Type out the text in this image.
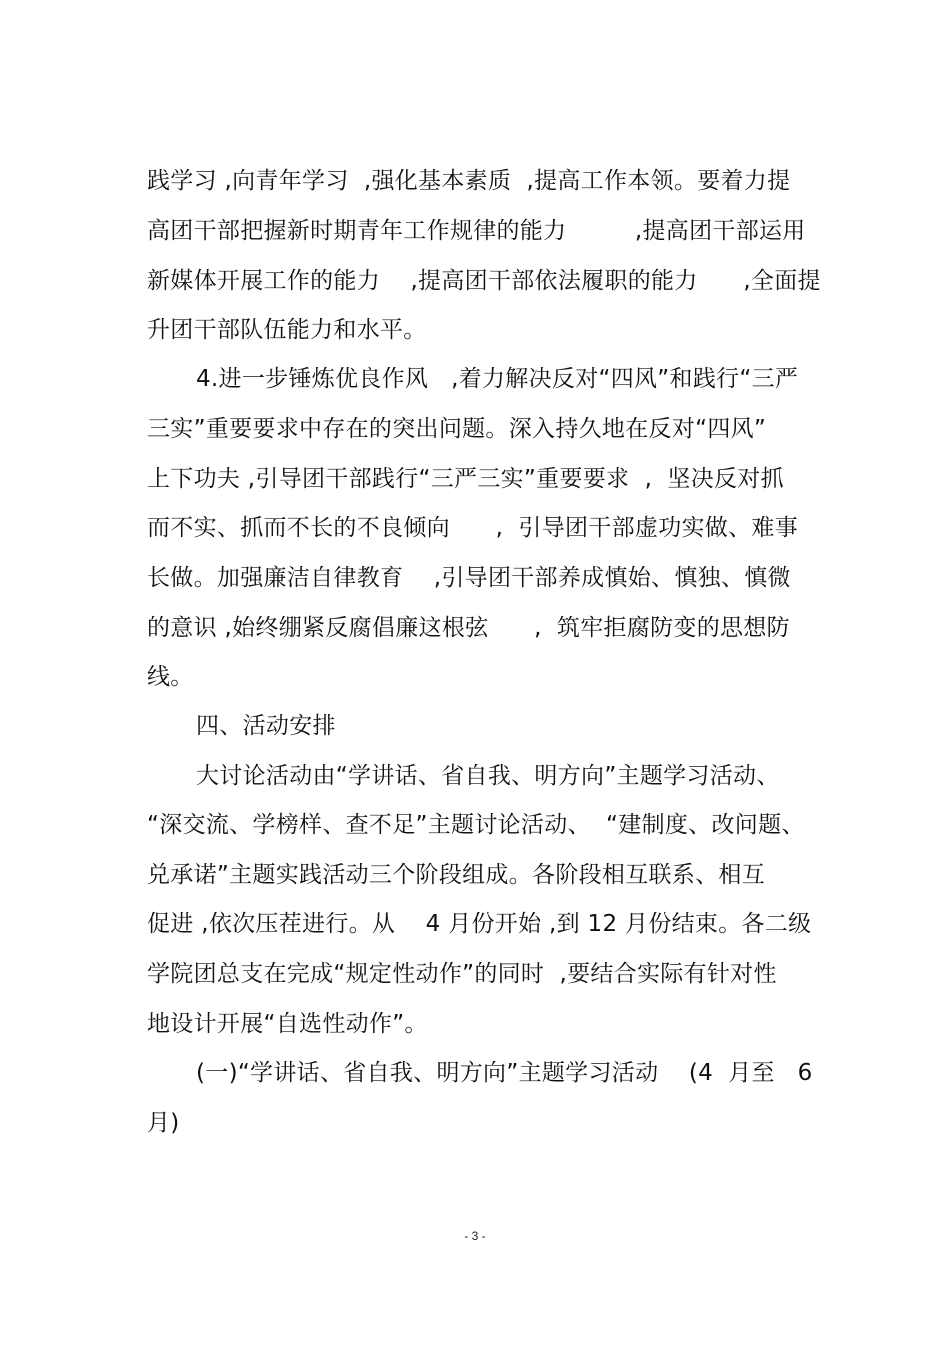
践学习 ,向青年学习  ,强化基本素质  ,提高工作本领。要着力提
高团干部把握新时期青年工作规律的能力         ,提高团干部运用
新媒体开展工作的能力    ,提高团干部依法履职的能力      ,全面提
升团干部队伍能力和水平。
4.进一步锤炼优良作风   ,着力解决反对“四风”和践行“三严
三实”重要要求中存在的突出问题。深入持久地在反对“四风”
上下功夫 ,引导团干部践行“三严三实”重要要求  ,  坚决反对抓
而不实、抓而不长的不良倾向      ,  引导团干部虚功实做、难事
长做。加强廉洁自律教育    ,引导团干部养成慎始、慎独、慎微
的意识 ,始终绷紧反腐倡廉这根弦      ,  筑牢拒腐防变的思想防
线。
四、活动安排
大讨论活动由“学讲话、省自我、明方向”主题学习活动、
“深交流、学榜样、查不足”主题讨论活动、  “建制度、改问题、
兑承诺”主题实践活动三个阶段组成。各阶段相互联系、相互
促进 ,依次压茬进行。从    4 月份开始 ,到 12 月份结束。各二级
学院团总支在完成“规定性动作”的同时  ,要结合实际有针对性
地设计开展“自选性动作”。
(一)“学讲话、省自我、明方向”主题学习活动    (4  月至   6
月)
- 3 -
